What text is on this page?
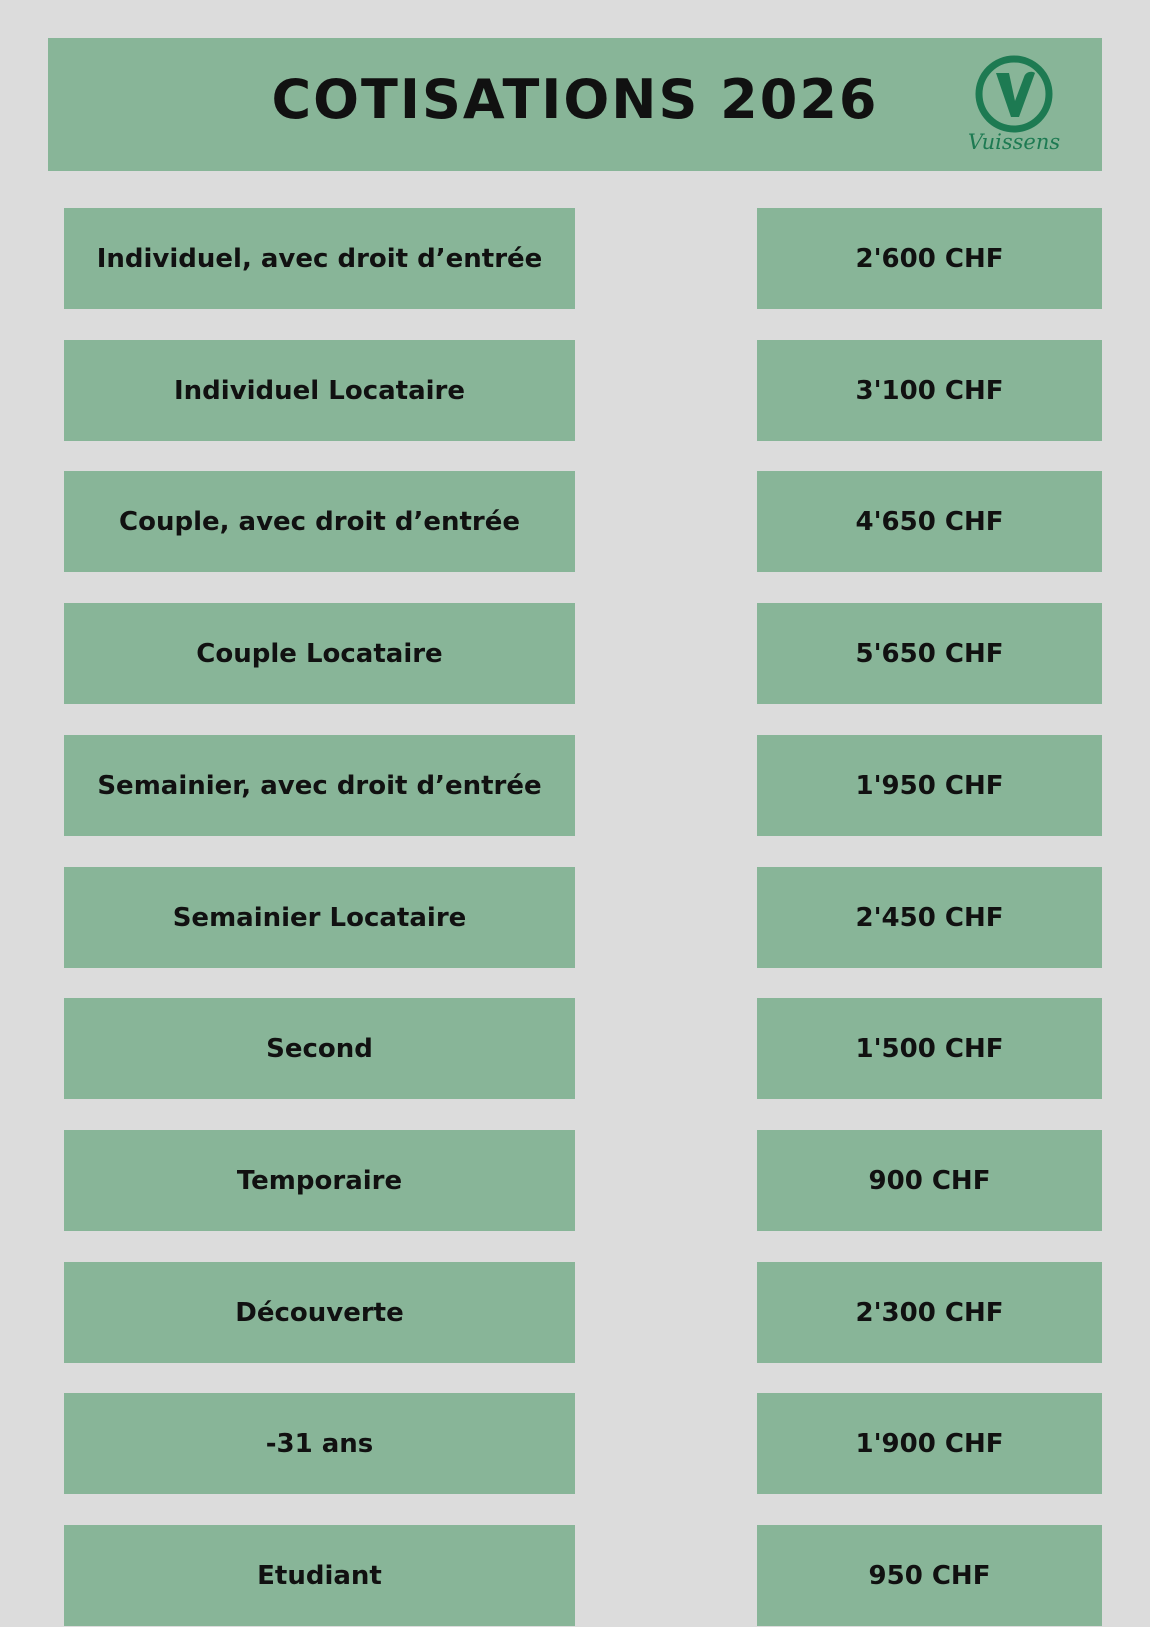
COTISATIONS 2026
Vuissens
Individuel, avec droit d’entrée	2'600 CHF
Individuel Locataire	3'100 CHF
Couple, avec droit d’entrée	4'650 CHF
Couple Locataire	5'650 CHF
Semainier, avec droit d’entrée	1'950 CHF
Semainier Locataire	2'450 CHF
Second	1'500 CHF
Temporaire	900 CHF
Découverte	2'300 CHF
-31 ans	1'900 CHF
Etudiant	950 CHF
